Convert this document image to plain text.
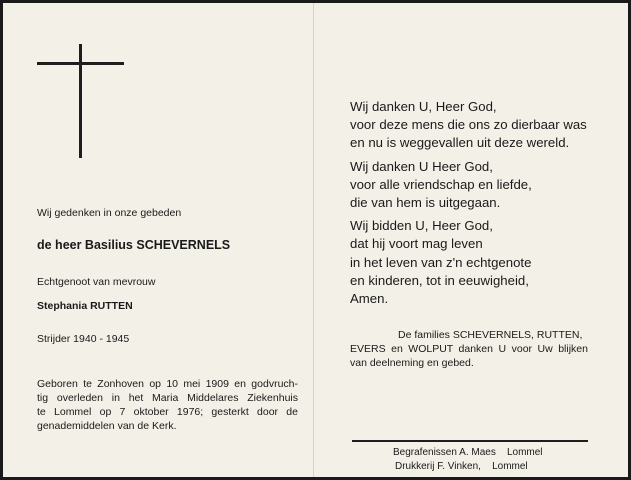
Wij gedenken in onze gebeden
de heer Basilius SCHEVERNELS
Echtgenoot van mevrouw
Stephania RUTTEN
Strijder 1940 - 1945
Geboren te Zonhoven op 10 mei 1909 en godvruch-
tig overleden in het Maria Middelares Ziekenhuis
te Lommel op 7 oktober 1976; gesterkt door de
genademiddelen van de Kerk.
Wij danken U, Heer God,
voor deze mens die ons zo dierbaar was
en nu is weggevallen uit deze wereld.
Wij danken U Heer God,
voor alle vriendschap en liefde,
die van hem is uitgegaan.
Wij bidden U, Heer God,
dat hij voort mag leven
in het leven van z'n echtgenote
en kinderen, tot in eeuwigheid,
Amen.
De families SCHEVERNELS, RUTTEN,
EVERS en WOLPUT danken U voor Uw blijken
van deelneming en gebed.
Begrafenissen A. Maes    Lommel
Drukkerij F. Vinken,    Lommel
